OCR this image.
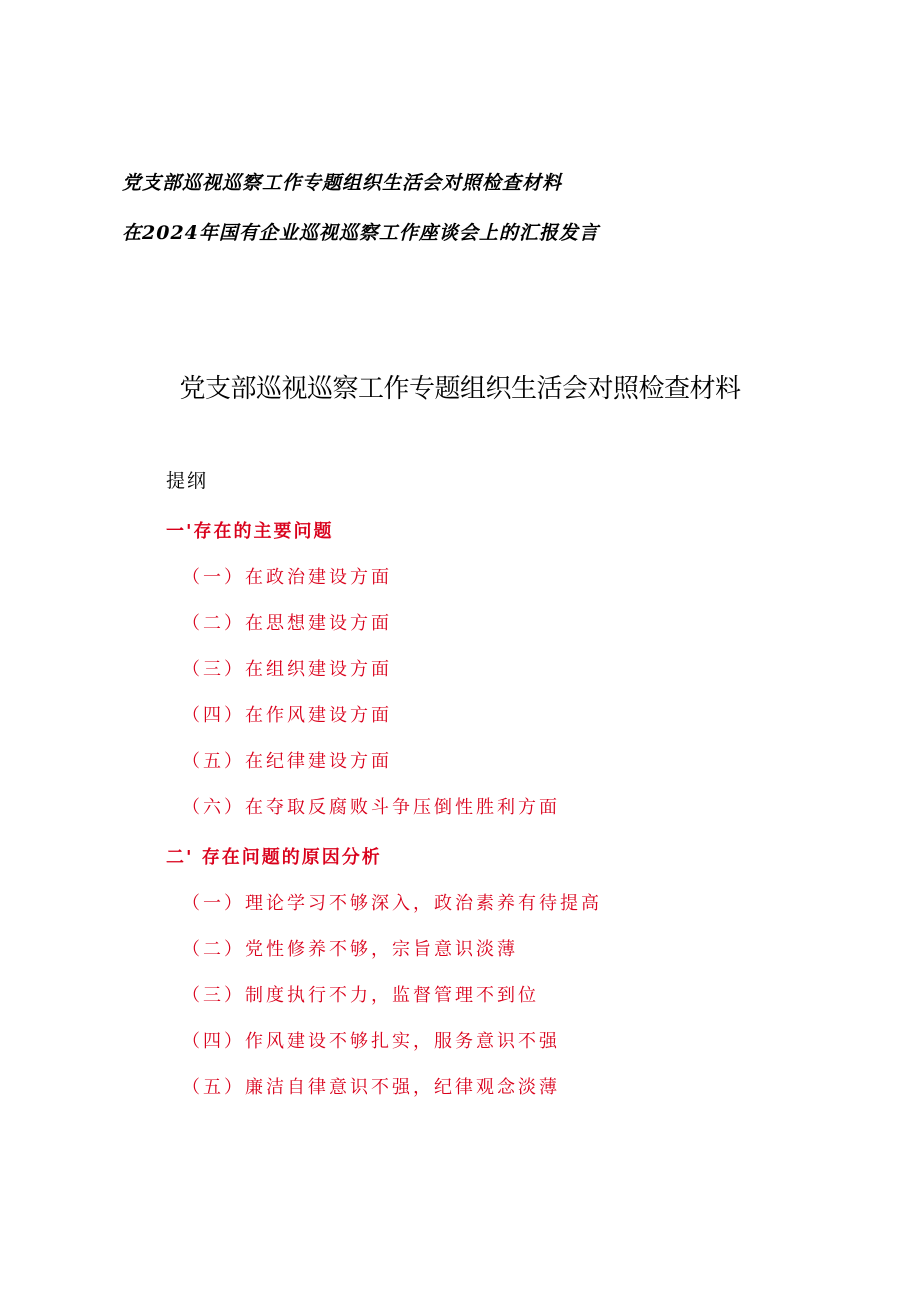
党支部巡视巡察工作专题组织生活会对照检查材料
在2024年国有企业巡视巡察工作座谈会上的汇报发言
党支部巡视巡察工作专题组织生活会对照检查材料
提纲
一'存在的主要问题
（一）在政治建设方面
（二）在思想建设方面
（三）在组织建设方面
（四）在作风建设方面
（五）在纪律建设方面
（六）在夺取反腐败斗争压倒性胜利方面
二' 存在问题的原因分析
（一）理论学习不够深入，政治素养有待提高
（二）党性修养不够，宗旨意识淡薄
（三）制度执行不力，监督管理不到位
（四）作风建设不够扎实，服务意识不强
（五）廉洁自律意识不强，纪律观念淡薄
